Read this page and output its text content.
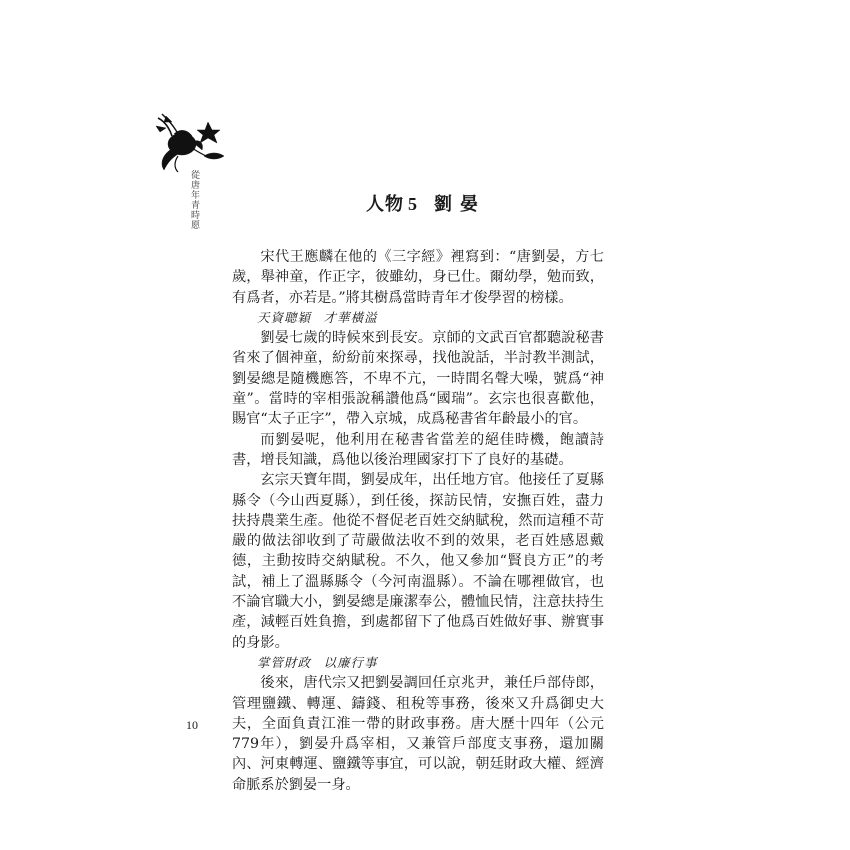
從唐年青時愿	人物 5 劉晏

宋代王應麟在他的《三字經》裡寫到：“唐劉晏，方七歲，舉神童，作正字，彼雖幼，身已仕。爾幼學，勉而致，有爲者，亦若是。”將其樹爲當時青年才俊學習的榜樣。

天資聰穎 才華橫溢

劉晏七歲的時候來到長安。京師的文武百官都聽說秘書省來了個神童，紛紛前來探尋，找他說話，半討教半測試，劉晏總是隨機應答，不卑不亢，一時間名聲大噪，號爲“神童”。當時的宰相張說稱讚他爲“國瑞”。玄宗也很喜歡他，賜官“太子正字”，帶入京城，成爲秘書省年齡最小的官。

而劉晏呢，他利用在秘書省當差的絕佳時機，飽讀詩書，增長知識，爲他以後治理國家打下了良好的基礎。

玄宗天寶年間，劉晏成年，出任地方官。他接任了夏縣縣令（今山西夏縣），到任後，探訪民情，安撫百姓，盡力扶持農業生產。他從不督促老百姓交納賦稅，然而這種不苛嚴的做法卻收到了苛嚴做法收不到的效果，老百姓感恩戴德，主動按時交納賦稅。不久，他又參加“賢良方正”的考試，補上了溫縣縣令（今河南溫縣）。不論在哪裡做官，也不論官職大小，劉晏總是廉潔奉公，體恤民情，注意扶持生產，減輕百姓負擔，到處都留下了他爲百姓做好事、辦實事的身影。

掌管財政 以廉行事

後來，唐代宗又把劉晏調回任京兆尹，兼任戶部侍郎，管理鹽鐵、轉運、鑄錢、租稅等事務，後來又升爲御史大夫，全面負責江淮一帶的財政事務。唐大歷十四年（公元779年），劉晏升爲宰相，又兼管戶部度支事務，還加關內、河東轉運、鹽鐵等事宜，可以說，朝廷財政大權、經濟命脈系於劉晏一身。

10
